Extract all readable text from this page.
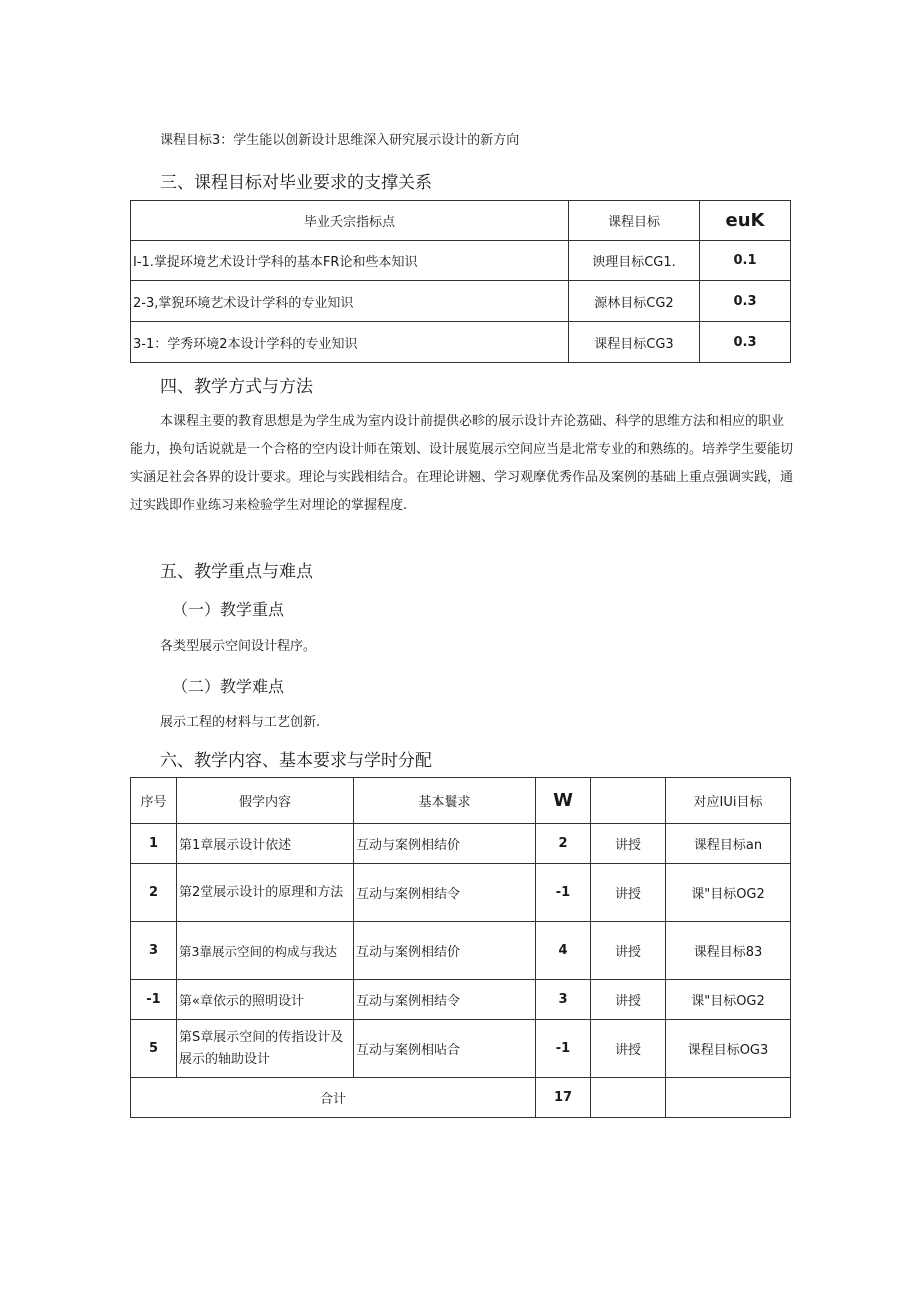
课程目标3：学生能以创新设计思维深入研究展示设计的新方向
三、课程目标对毕业要求的支撑关系
毕业夭宗指标点	课程目标	euK
I-1.掌捉环境艺术设计学科的基本FR论和些本知识	谀理目标CG1.	0.1
2-3,掌猊环境艺术设计学科的专业知识	源林目标CG2	0.3
3-1：学秀环境2本设计学科的专业知识	课程目标CG3	0.3
四、教学方式与方法
本课程主要的教育思想是为学生成为室内设计前提供必畛的展示设计卉论荔础、科学的思维方法和相应的职业能力，换句话说就是一个合格的空内设计师在策划、设计展览展示空间应当是北常专业的和熟练的。培养学生要能切实涵足社会各界的设计要求。理论与实践相结合。在理论讲翘、学习观摩优秀作品及案例的基础上重点强调实践，通过实践即作业练习来检验学生对埋论的掌握程度.
五、教学重点与难点
（一）教学重点
各类型展示空间设计程序。
（二）教学难点
展示工程的材料与工艺创新.
六、教学内容、基本要求与学时分配
序号	假学内容	基本鬟求	W		对应IUi目标
1	第1章展示设计依述	互动与案例相结价	2	讲授	课程目标an
2	第2堂展示设计的原理和方法	互动与案例相结令	-1	讲授	课"目标OG2
3	第3靠展示空间的构成与我达	互动与案例相结价	4	讲授	课程目标83
-1	第«章依示的照明设计	互动与案例相结令	3	讲授	课"目标OG2
5	第S章展示空间的传指设计及展示的轴助设计	互动与案例相呫合	-1	讲授	课程目标OG3
合计			17		
